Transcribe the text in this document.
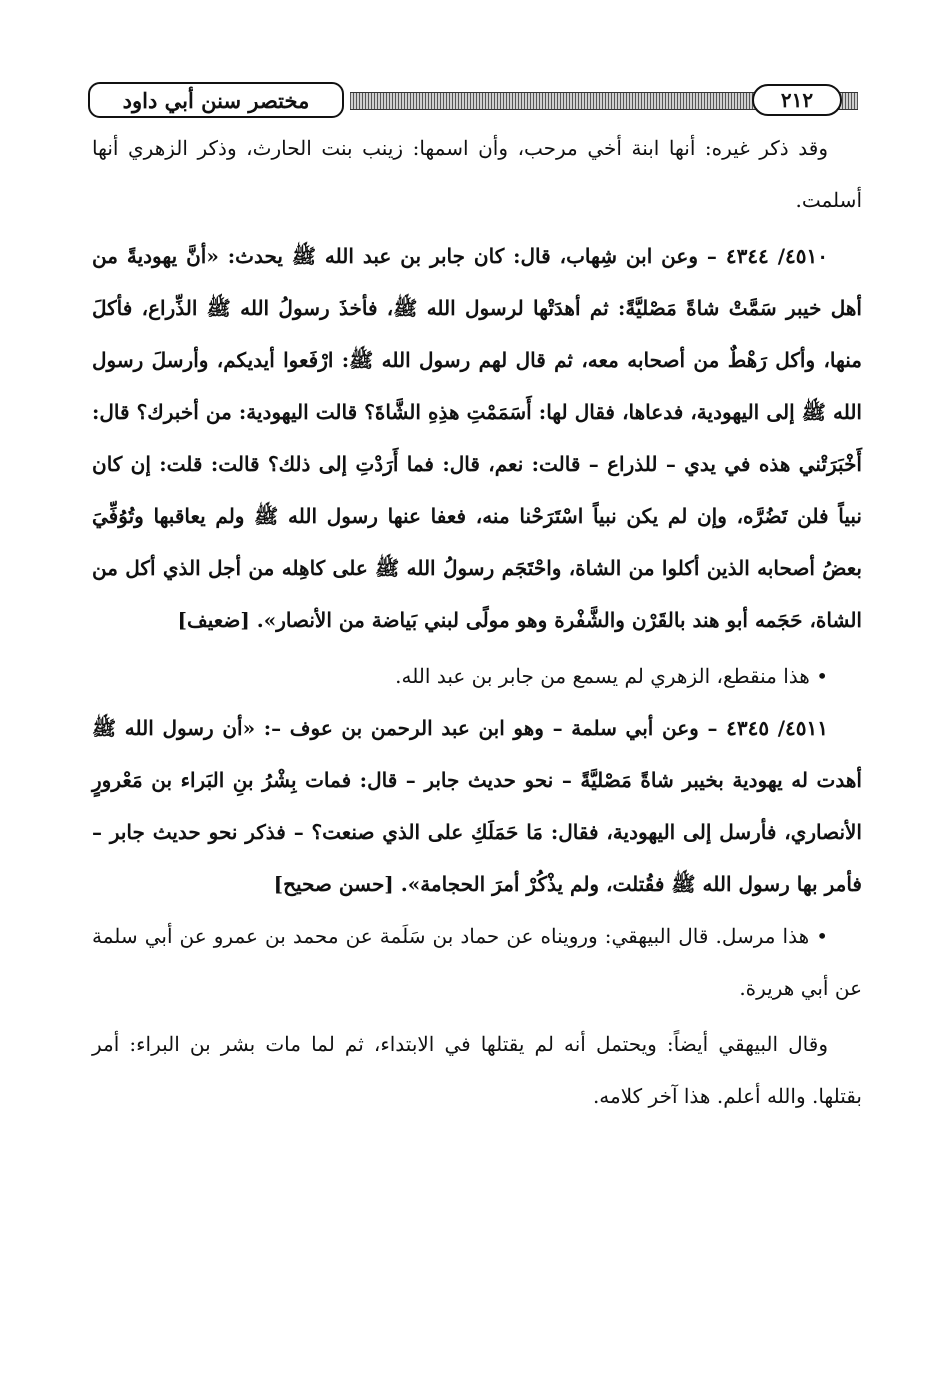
مختصر سنن أبي داود	٢١٢

وقد ذكر غيره: أنها ابنة أخي مرحب، وأن اسمها: زينب بنت الحارث، وذكر الزهري أنها أسلمت.

٤٥١٠/ ٤٣٤٤ – وعن ابن شِهاب، قال: كان جابر بن عبد الله ﷺ يحدث: «أنَّ يهوديةً من أهل خيبر سَمَّتْ شاةً مَصْليَّةً: ثم أهدَتْها لرسول الله ﷺ، فأخذَ رسولُ الله ﷺ الذِّراع، فأكلَ منها، وأكل رَهْطٌ من أصحابه معه، ثم قال لهم رسول الله ﷺ: ارْفَعوا أيديكم، وأرسلَ رسول الله ﷺ إلى اليهودية، فدعاها، فقال لها: أَسَمَمْتِ هذِهِ الشَّاةَ؟ قالت اليهودية: من أخبرك؟ قال: أَخْبَرَتْني هذه في يدي – للذراع – قالت: نعم، قال: فما أَرَدْتِ إلى ذلك؟ قالت: قلت: إن كان نبياً فلن تَضُرَّه، وإن لم يكن نبياً اسْتَرَحْنا منه، فعفا عنها رسول الله ﷺ ولم يعاقبها وتُوُفِّيَ بعضُ أصحابه الذين أكلوا من الشاة، واحْتَجَم رسولُ الله ﷺ على كاهِله من أجل الذي أكل من الشاة، حَجَمه أبو هند بالقَرْن والشَّفْرة وهو مولًى لبني بَياضة من الأنصار». [ضعيف]

• هذا منقطع، الزهري لم يسمع من جابر بن عبد الله.

٤٥١١/ ٤٣٤٥ – وعن أبي سلمة – وهو ابن عبد الرحمن بن عوف –: «أن رسول الله ﷺ أهدت له يهودية بخيبر شاةً مَصْليَّةً – نحو حديث جابر – قال: فمات بِشْرُ بنِ البَراء بن مَعْرورٍ الأنصاري، فأرسل إلى اليهودية، فقال: مَا حَمَلَكِ على الذي صنعت؟ – فذكر نحو حديث جابر – فأمر بها رسول الله ﷺ فقُتلت، ولم يذْكُرْ أمرَ الحجامة». [حسن صحيح]

• هذا مرسل. قال البيهقي: ورويناه عن حماد بن سَلَمة عن محمد بن عمرو عن أبي سلمة عن أبي هريرة.

وقال البيهقي أيضاً: ويحتمل أنه لم يقتلها في الابتداء، ثم لما مات بشر بن البراء: أمر بقتلها. والله أعلم. هذا آخر كلامه.
